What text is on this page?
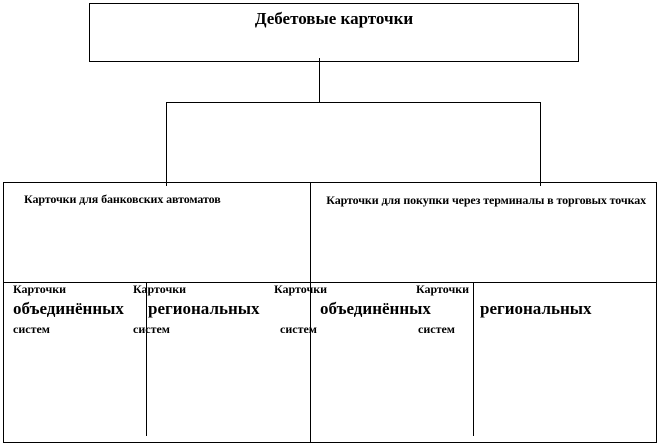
Дебетовые карточки
Карточки для банковских автоматов	Карточки для покупки через терминалы в торговых точках
Карточки
объединённых
систем
Карточки
региональных
систем
Карточки
объединённых
систем
Карточки
региональных
систем
